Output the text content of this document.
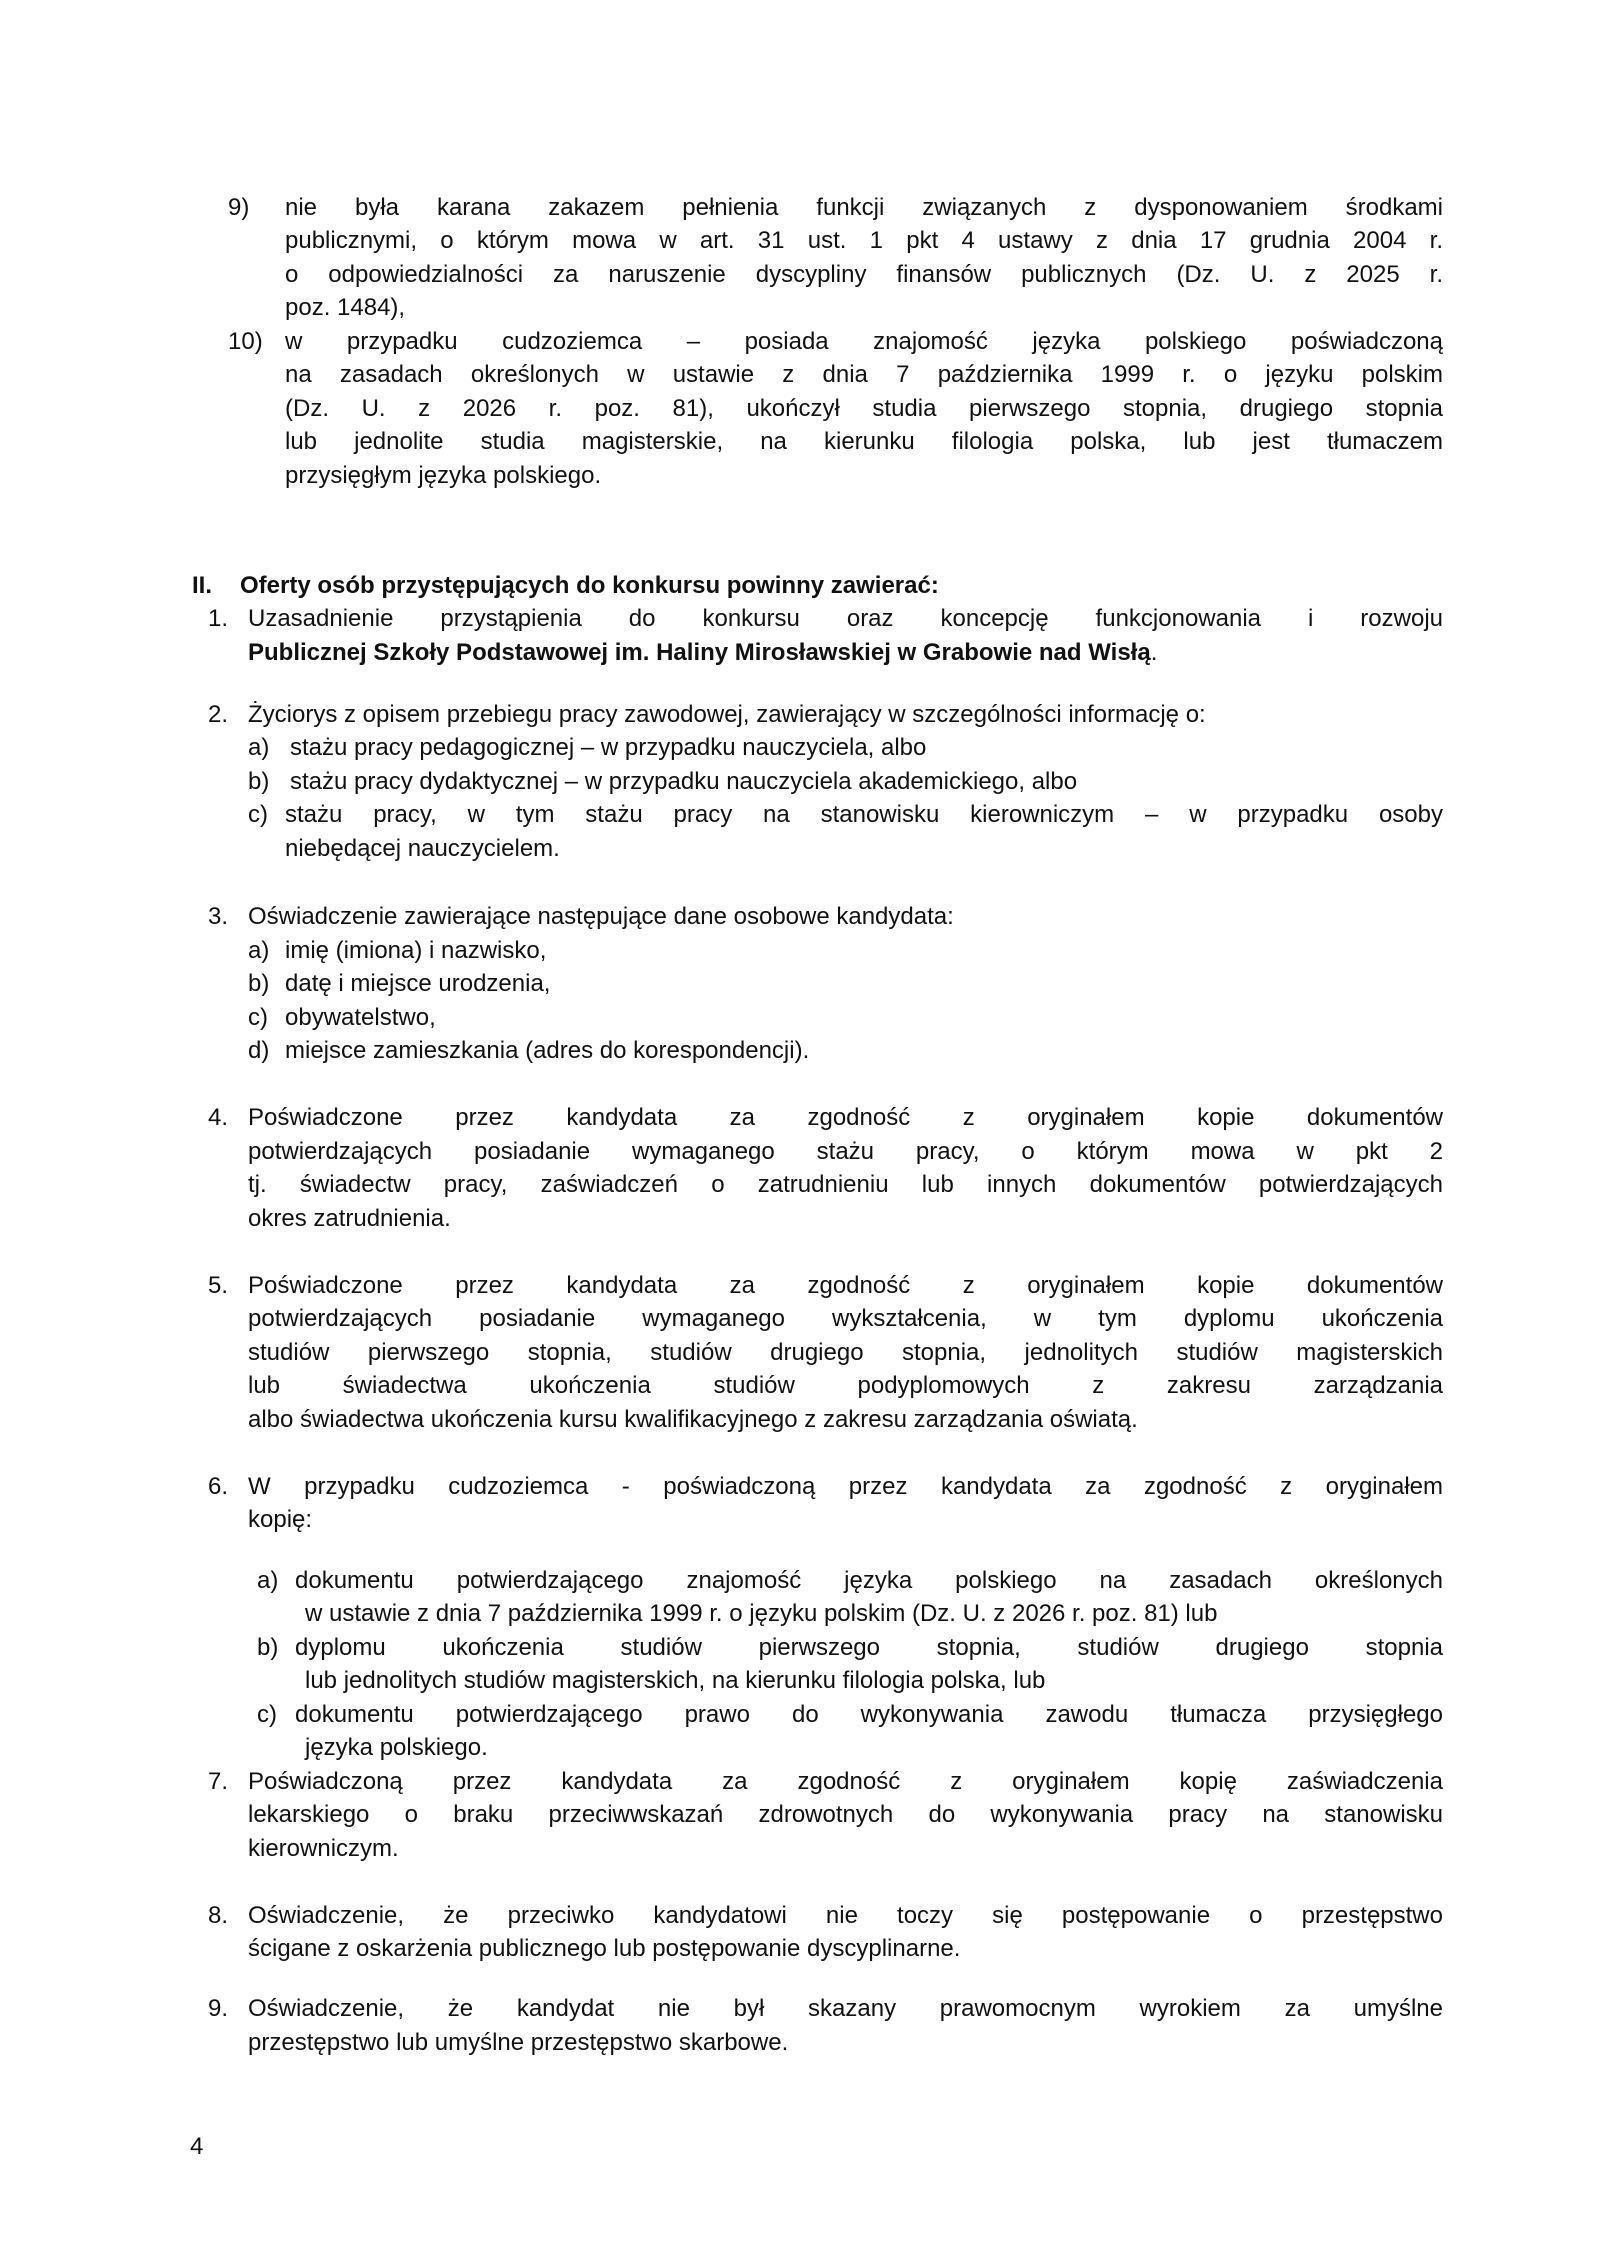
9) nie była karana zakazem pełnienia funkcji związanych z dysponowaniem środkami
publicznymi, o którym mowa w art. 31 ust. 1 pkt 4 ustawy z dnia 17 grudnia 2004 r.
o odpowiedzialności za naruszenie dyscypliny finansów publicznych (Dz. U. z 2025 r.
poz. 1484),
10) w przypadku cudzoziemca – posiada znajomość języka polskiego poświadczoną
na zasadach określonych w ustawie z dnia 7 października 1999 r. o języku polskim
(Dz. U. z 2026 r. poz. 81), ukończył studia pierwszego stopnia, drugiego stopnia
lub jednolite studia magisterskie, na kierunku filologia polska, lub jest tłumaczem
przysięgłym języka polskiego.
II. Oferty osób przystępujących do konkursu powinny zawierać:
1. Uzasadnienie przystąpienia do konkursu oraz koncepcję funkcjonowania i rozwoju
Publicznej Szkoły Podstawowej im. Haliny Mirosławskiej w Grabowie nad Wisłą.
2. Życiorys z opisem przebiegu pracy zawodowej, zawierający w szczególności informację o:
a) stażu pracy pedagogicznej – w przypadku nauczyciela, albo
b) stażu pracy dydaktycznej – w przypadku nauczyciela akademickiego, albo
c) stażu pracy, w tym stażu pracy na stanowisku kierowniczym – w przypadku osoby
niebędącej nauczycielem.
3. Oświadczenie zawierające następujące dane osobowe kandydata:
a) imię (imiona) i nazwisko,
b) datę i miejsce urodzenia,
c) obywatelstwo,
d) miejsce zamieszkania (adres do korespondencji).
4. Poświadczone przez kandydata za zgodność z oryginałem kopie dokumentów
potwierdzających posiadanie wymaganego stażu pracy, o którym mowa w pkt 2
tj. świadectw pracy, zaświadczeń o zatrudnieniu lub innych dokumentów potwierdzających
okres zatrudnienia.
5. Poświadczone przez kandydata za zgodność z oryginałem kopie dokumentów
potwierdzających posiadanie wymaganego wykształcenia, w tym dyplomu ukończenia
studiów pierwszego stopnia, studiów drugiego stopnia, jednolitych studiów magisterskich
lub świadectwa ukończenia studiów podyplomowych z zakresu zarządzania
albo świadectwa ukończenia kursu kwalifikacyjnego z zakresu zarządzania oświatą.
6. W przypadku cudzoziemca - poświadczoną przez kandydata za zgodność z oryginałem
kopię:
a) dokumentu potwierdzającego znajomość języka polskiego na zasadach określonych
w ustawie z dnia 7 października 1999 r. o języku polskim (Dz. U. z 2026 r. poz. 81) lub
b) dyplomu ukończenia studiów pierwszego stopnia, studiów drugiego stopnia
lub jednolitych studiów magisterskich, na kierunku filologia polska, lub
c) dokumentu potwierdzającego prawo do wykonywania zawodu tłumacza przysięgłego
języka polskiego.
7. Poświadczoną przez kandydata za zgodność z oryginałem kopię zaświadczenia
lekarskiego o braku przeciwwskazań zdrowotnych do wykonywania pracy na stanowisku
kierowniczym.
8. Oświadczenie, że przeciwko kandydatowi nie toczy się postępowanie o przestępstwo
ścigane z oskarżenia publicznego lub postępowanie dyscyplinarne.
9. Oświadczenie, że kandydat nie był skazany prawomocnym wyrokiem za umyślne
przestępstwo lub umyślne przestępstwo skarbowe.
4
